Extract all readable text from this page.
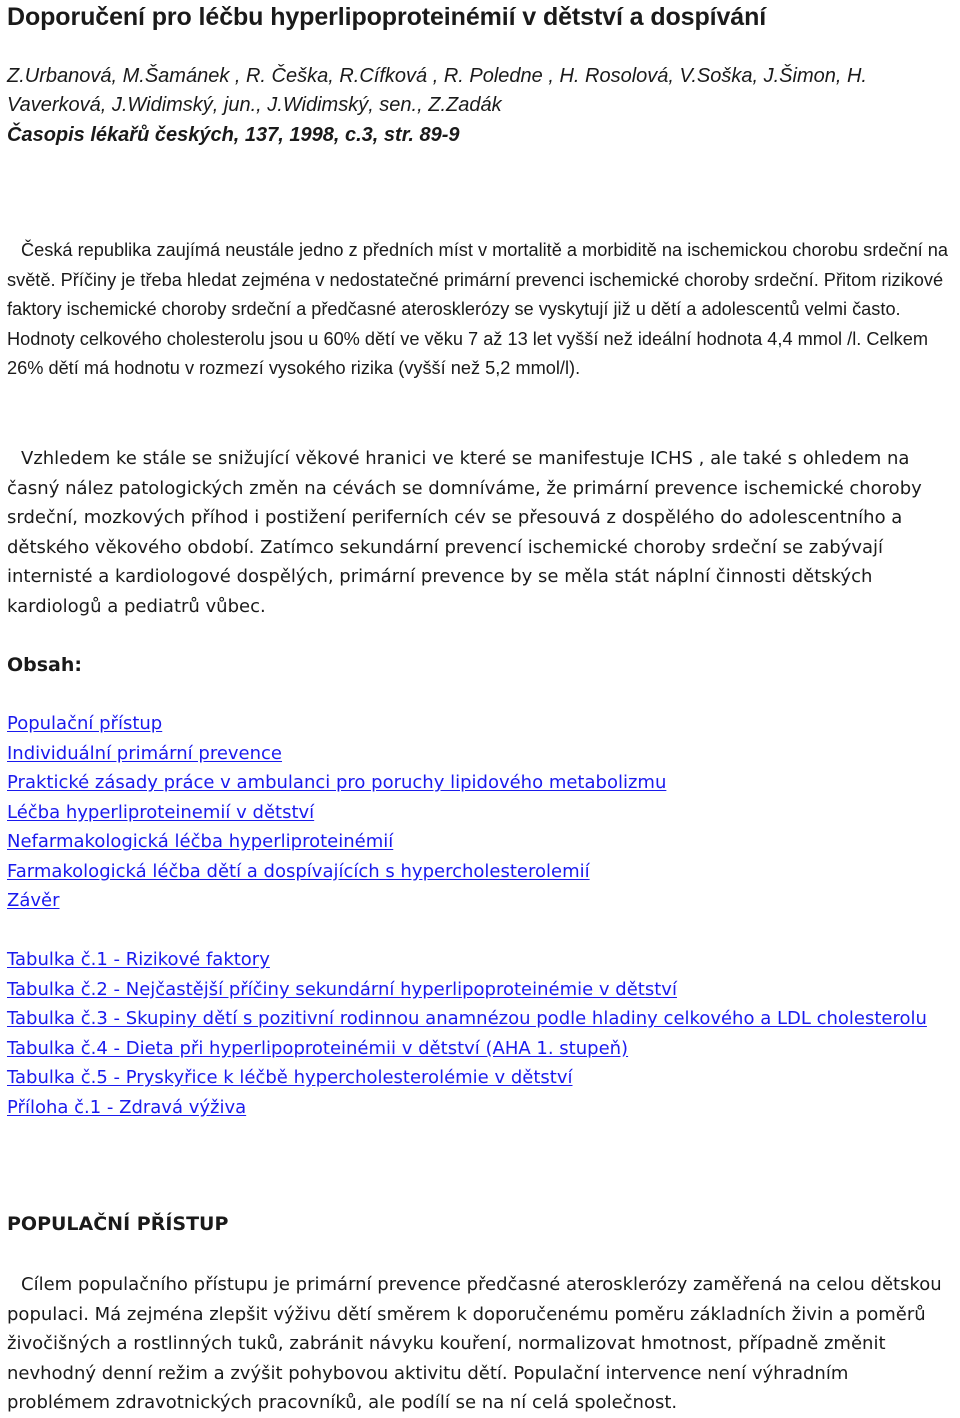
Doporučení pro léčbu hyperlipoproteinémií v dětství a dospívání
Z.Urbanová, M.Šamánek , R. Češka, R.Cífková , R. Poledne , H. Rosolová, V.Soška, J.Šimon, H. Vaverková, J.Widimský, jun., J.Widimský, sen., Z.Zadák
Časopis lékařů českých, 137, 1998, c.3, str. 89-9

Česká republika zaujímá neustále jedno z předních míst v mortalitě a morbiditě na ischemickou chorobu srdeční na světě. Příčiny je třeba hledat zejména v nedostatečné primární prevenci ischemické choroby srdeční. Přitom rizikové faktory ischemické choroby srdeční a předčasné aterosklerózy se vyskytují již u dětí a adolescentů velmi často. Hodnoty celkového cholesterolu jsou u 60% dětí ve věku 7 až 13 let vyšší než ideální hodnota 4,4 mmol /l. Celkem 26% dětí má hodnotu v rozmezí vysokého rizika (vyšší než 5,2 mmol/l).

Vzhledem ke stále se snižující věkové hranici ve které se manifestuje ICHS , ale také s ohledem na časný nález patologických změn na cévách se domníváme, že primární prevence ischemické choroby srdeční, mozkových příhod i postižení periferních cév se přesouvá z dospělého do adolescentního a dětského věkového období. Zatímco sekundární prevencí ischemické choroby srdeční se zabývají internisté a kardiologové dospělých, primární prevence by se měla stát náplní činnosti dětských kardiologů a pediatrů vůbec.

Obsah:
Populační přístup
Individuální primární prevence
Praktické zásady práce v ambulanci pro poruchy lipidového metabolizmu
Léčba hyperliproteinemií v dětství
Nefarmakologická léčba hyperliproteinémií
Farmakologická léčba dětí a dospívajících s hypercholesterolemií
Závěr
Tabulka č.1 - Rizikové faktory
Tabulka č.2 - Nejčastější příčiny sekundární hyperlipoproteinémie v dětství
Tabulka č.3 - Skupiny dětí s pozitivní rodinnou anamnézou podle hladiny celkového a LDL cholesterolu
Tabulka č.4 - Dieta při hyperlipoproteinémii v dětství (AHA 1. stupeň)
Tabulka č.5 - Pryskyřice k léčbě hypercholesterolémie v dětství
Příloha č.1 - Zdravá výživa
POPULAČNÍ PŘÍSTUP

Cílem populačního přístupu je primární prevence předčasné aterosklerózy zaměřená na celou dětskou populaci. Má zejména zlepšit výživu dětí směrem k doporučenému poměru základních živin a poměrů živočišných a rostlinných tuků, zabránit návyku kouření, normalizovat hmotnost, případně změnit nevhodný denní režim a zvýšit pohybovou aktivitu dětí. Populační intervence není výhradním problémem zdravotnických pracovníků, ale podílí se na ní celá společnost.
